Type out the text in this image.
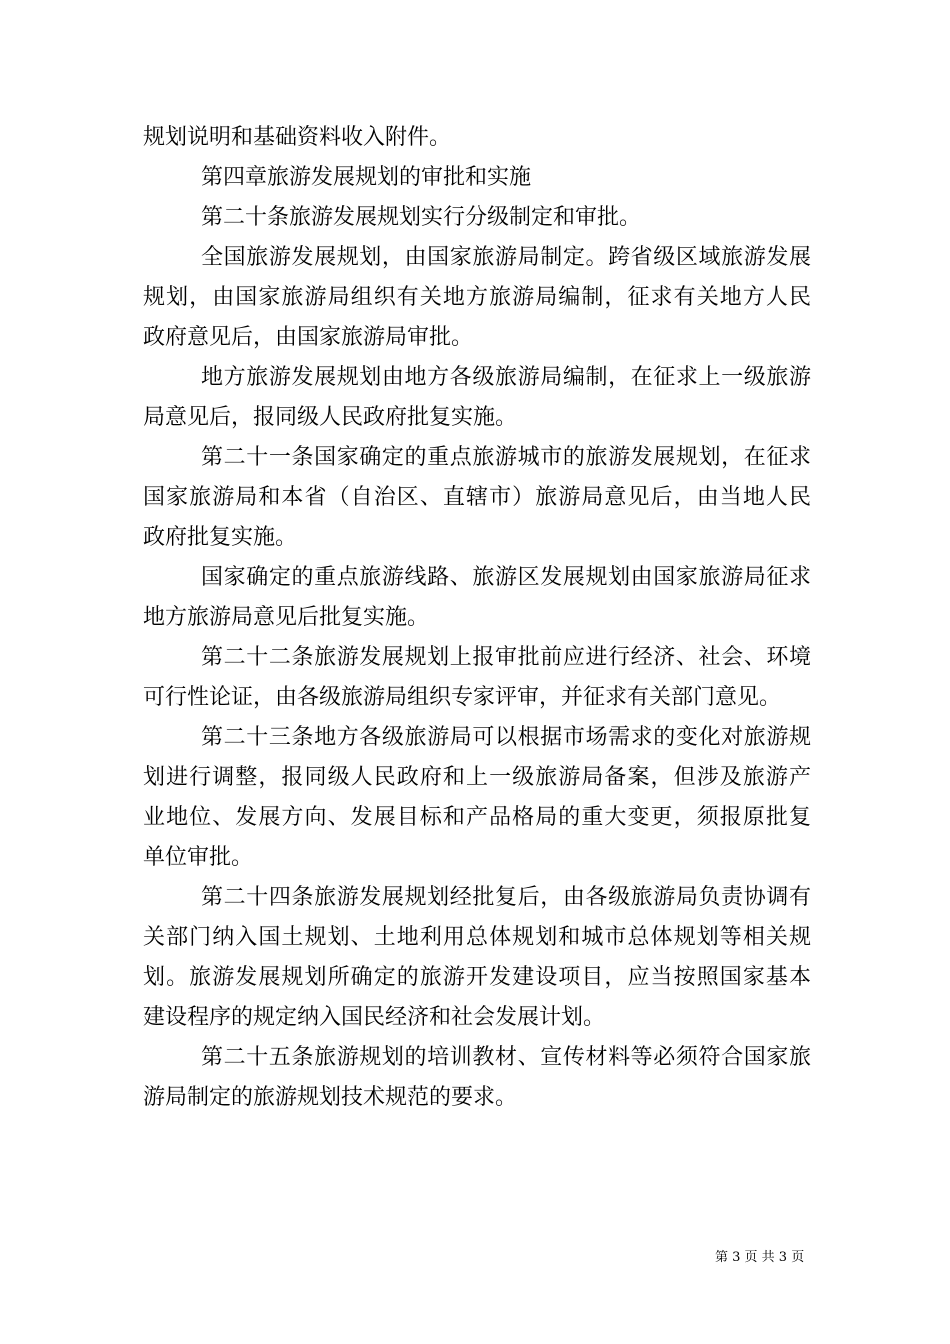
规划说明和基础资料收入附件。
第四章旅游发展规划的审批和实施
第二十条旅游发展规划实行分级制定和审批。
全国旅游发展规划，由国家旅游局制定。跨省级区域旅游发展
规划，由国家旅游局组织有关地方旅游局编制，征求有关地方人民
政府意见后，由国家旅游局审批。
地方旅游发展规划由地方各级旅游局编制，在征求上一级旅游
局意见后，报同级人民政府批复实施。
第二十一条国家确定的重点旅游城市的旅游发展规划，在征求
国家旅游局和本省（自治区、直辖市）旅游局意见后，由当地人民
政府批复实施。
国家确定的重点旅游线路、旅游区发展规划由国家旅游局征求
地方旅游局意见后批复实施。
第二十二条旅游发展规划上报审批前应进行经济、社会、环境
可行性论证，由各级旅游局组织专家评审，并征求有关部门意见。
第二十三条地方各级旅游局可以根据市场需求的变化对旅游规
划进行调整，报同级人民政府和上一级旅游局备案，但涉及旅游产
业地位、发展方向、发展目标和产品格局的重大变更，须报原批复
单位审批。
第二十四条旅游发展规划经批复后，由各级旅游局负责协调有
关部门纳入国土规划、土地利用总体规划和城市总体规划等相关规
划。旅游发展规划所确定的旅游开发建设项目，应当按照国家基本
建设程序的规定纳入国民经济和社会发展计划。
第二十五条旅游规划的培训教材、宣传材料等必须符合国家旅
游局制定的旅游规划技术规范的要求。
第 3 页 共 3 页
